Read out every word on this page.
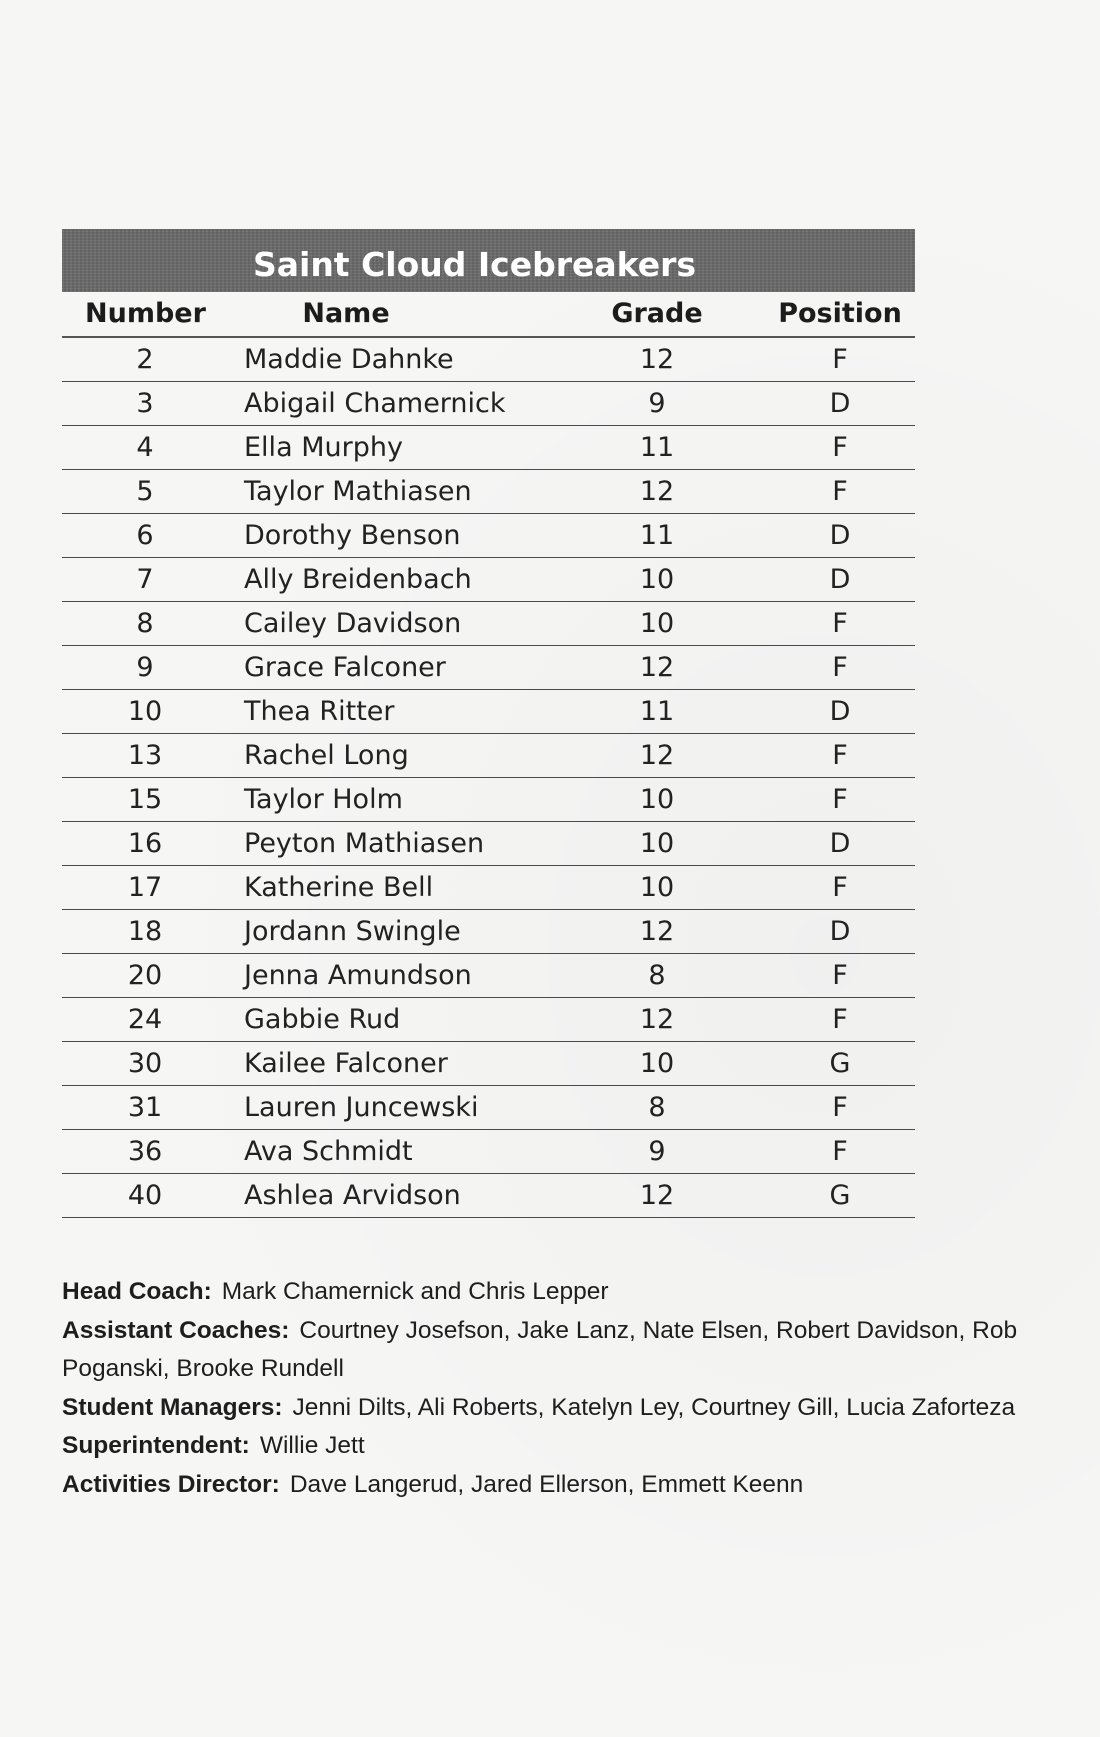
Saint Cloud Icebreakers
Number	Name	Grade	Position
2	Maddie Dahnke	12	F
3	Abigail Chamernick	9	D
4	Ella Murphy	11	F
5	Taylor Mathiasen	12	F
6	Dorothy Benson	11	D
7	Ally Breidenbach	10	D
8	Cailey Davidson	10	F
9	Grace Falconer	12	F
10	Thea Ritter	11	D
13	Rachel Long	12	F
15	Taylor Holm	10	F
16	Peyton Mathiasen	10	D
17	Katherine Bell	10	F
18	Jordann Swingle	12	D
20	Jenna Amundson	8	F
24	Gabbie Rud	12	F
30	Kailee Falconer	10	G
31	Lauren Juncewski	8	F
36	Ava Schmidt	9	F
40	Ashlea Arvidson	12	G

Head Coach: Mark Chamernick and Chris Lepper

Assistant Coaches: Courtney Josefson, Jake Lanz, Nate Elsen, Robert Davidson, Rob Poganski, Brooke Rundell

Student Managers: Jenni Dilts, Ali Roberts, Katelyn Ley, Courtney Gill, Lucia Zaforteza

Superintendent: Willie Jett

Activities Director: Dave Langerud, Jared Ellerson, Emmett Keenn
